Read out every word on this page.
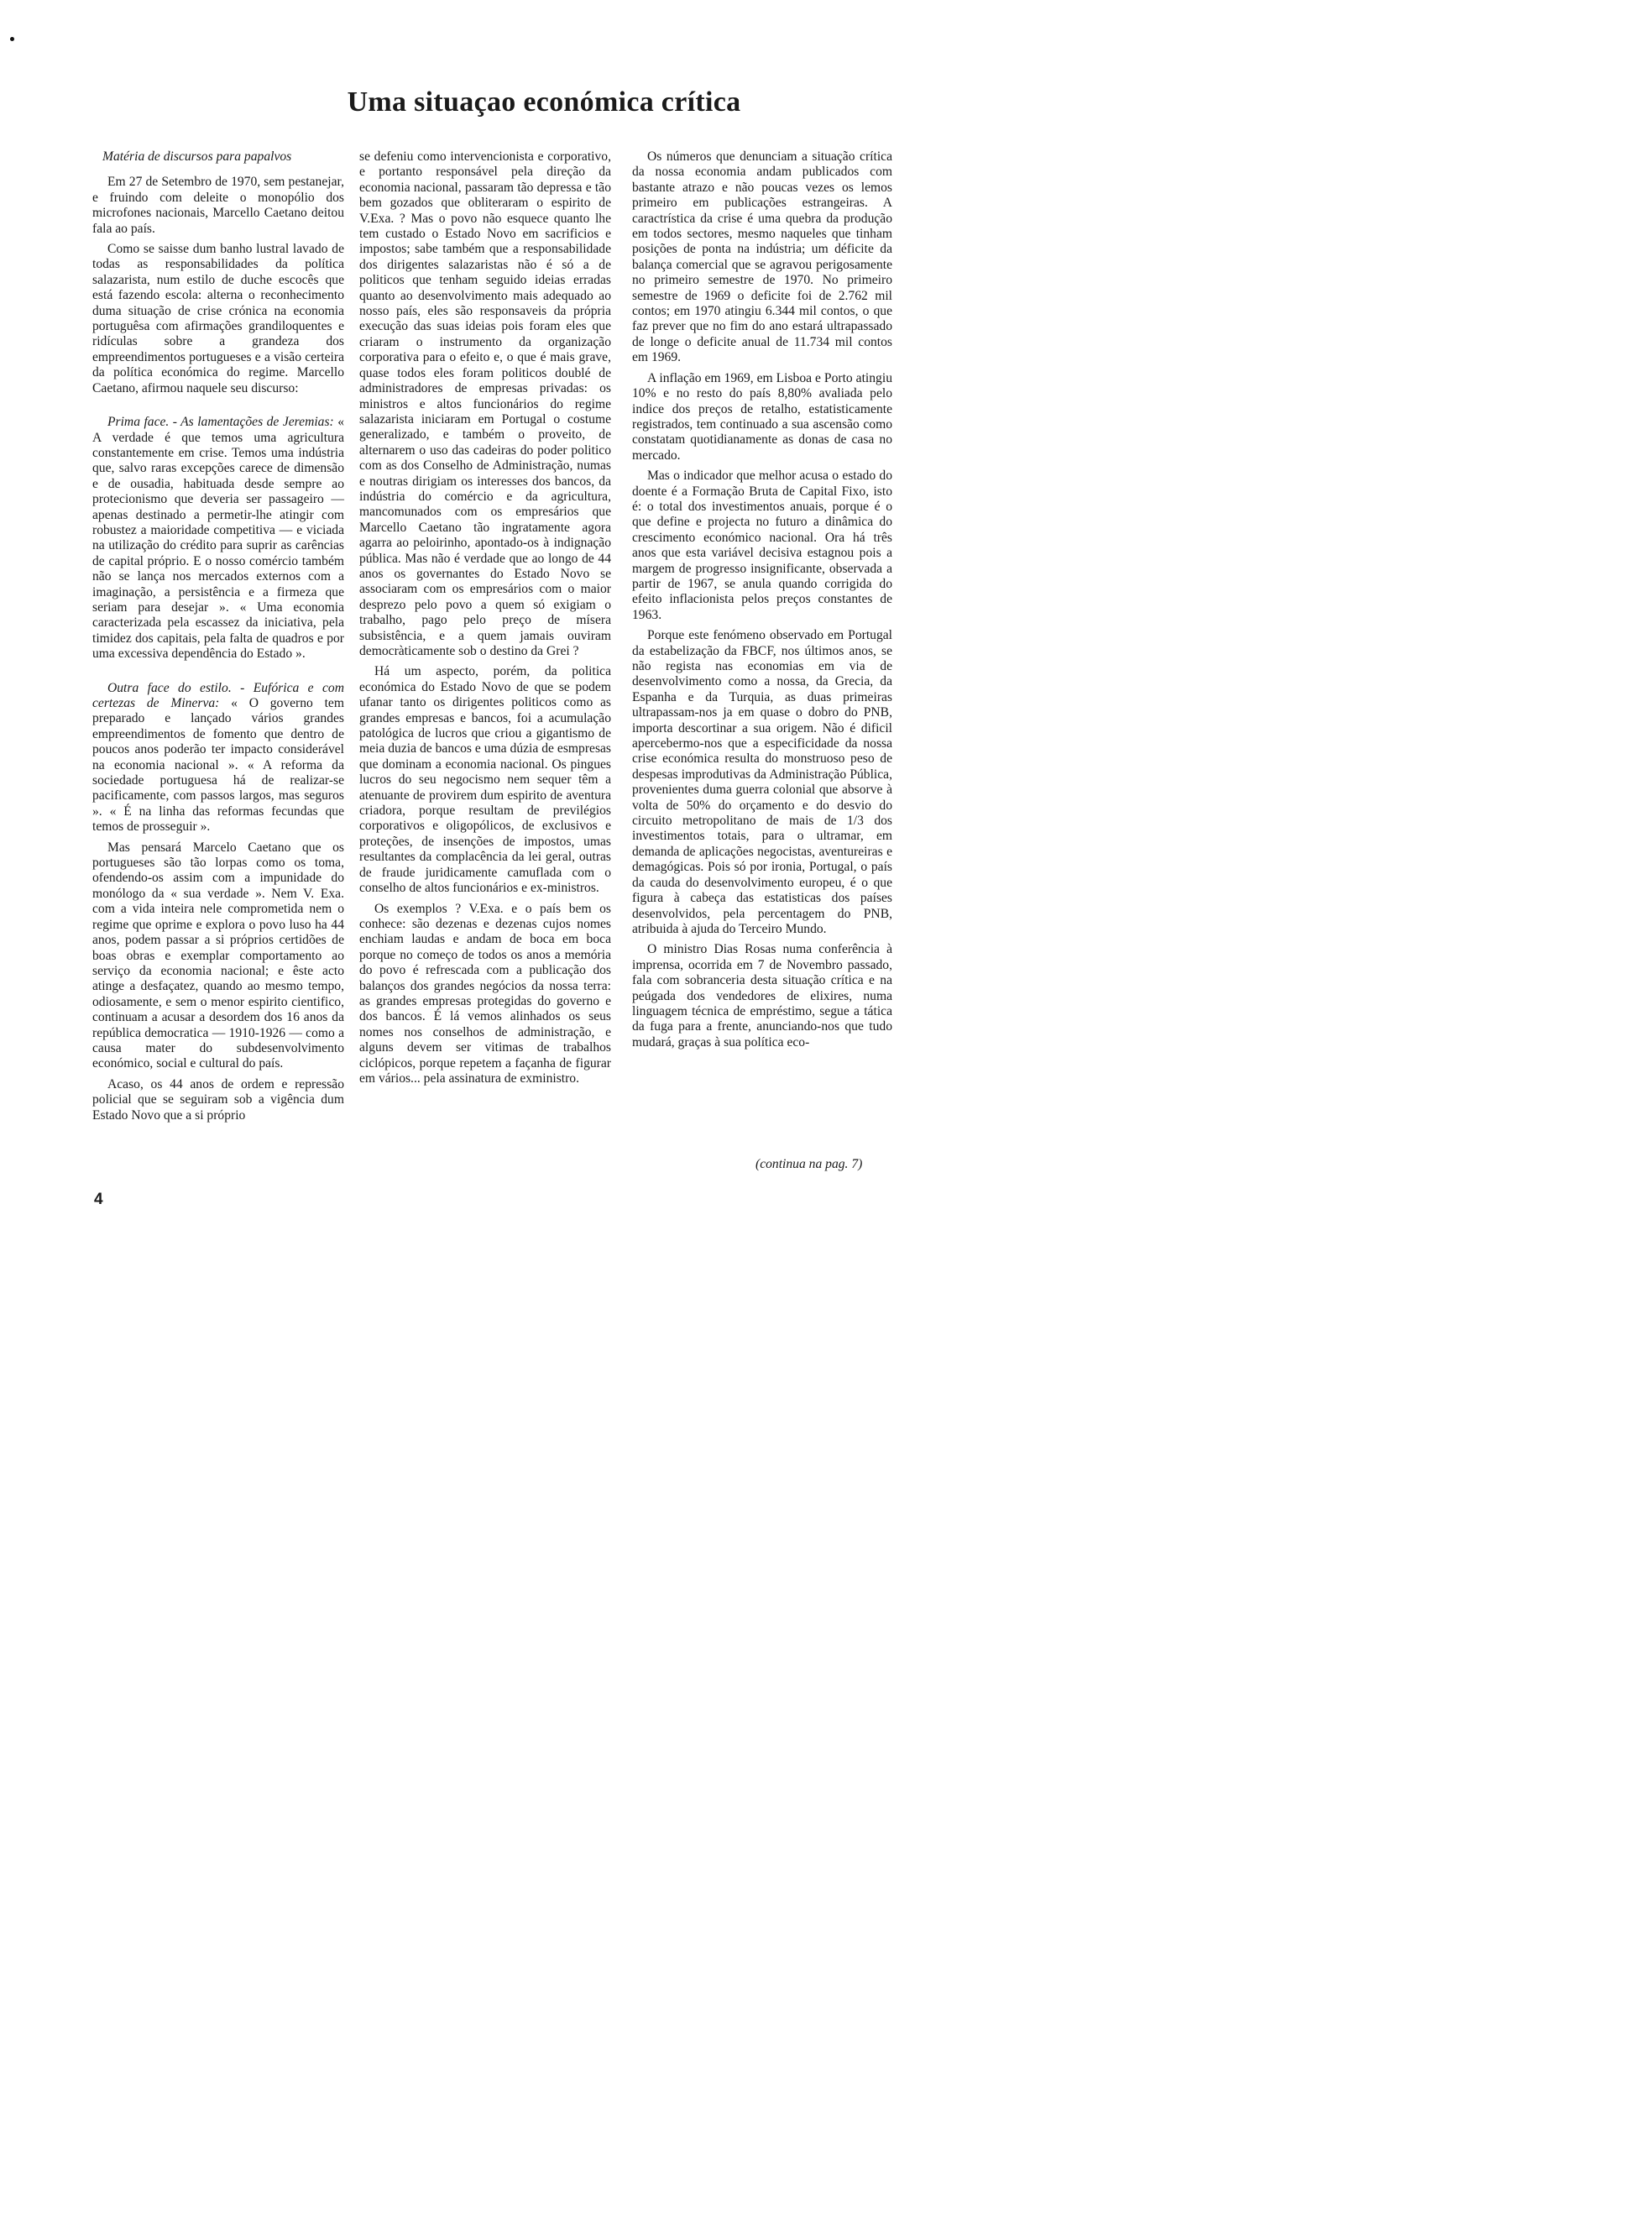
Uma situaçao económica crítica

Matéria de discursos para papalvos

Em 27 de Setembro de 1970, sem pestanejar, e fruindo com deleite o monopólio dos microfones nacionais, Marcello Caetano deitou fala ao país.

Como se saisse dum banho lustral lavado de todas as responsabilidades da política salazarista, num estilo de duche escocês que está fazendo escola: alterna o reconhecimento duma situação de crise crónica na economia portuguêsa com afirmações grandiloquentes e ridículas sobre a grandeza dos empreendimentos portugueses e a visão certeira da política económica do regime. Marcello Caetano, afirmou naquele seu discurso:

Prima face. - As lamentações de Jeremias: « A verdade é que temos uma agricultura constantemente em crise. Temos uma indústria que, salvo raras excepções carece de dimensão e de ousadia, habituada desde sempre ao protecionismo que deveria ser passageiro — apenas destinado a permetir-lhe atingir com robustez a maioridade competitiva — e viciada na utilização do crédito para suprir as carências de capital próprio. E o nosso comércio também não se lança nos mercados externos com a imaginação, a persistência e a firmeza que seriam para desejar ». « Uma economia caracterizada pela escassez da iniciativa, pela timidez dos capitais, pela falta de quadros e por uma excessiva dependência do Estado ».

Outra face do estilo. - Eufórica e com certezas de Minerva: « O governo tem preparado e lançado vários grandes empreendimentos de fomento que dentro de poucos anos poderão ter impacto considerável na economia nacional ». « A reforma da sociedade portuguesa há de realizar-se pacificamente, com passos largos, mas seguros ». « É na linha das reformas fecundas que temos de prosseguir ».

Mas pensará Marcelo Caetano que os portugueses são tão lorpas como os toma, ofendendo-os assim com a impunidade do monólogo da « sua verdade ». Nem V. Exa. com a vida inteira nele comprometida nem o regime que oprime e explora o povo luso ha 44 anos, podem passar a si próprios certidões de boas obras e exemplar comportamento ao serviço da economia nacional; e êste acto atinge a desfaçatez, quando ao mesmo tempo, odiosamente, e sem o menor espirito cientifico, continuam a acusar a desordem dos 16 anos da república democratica — 1910-1926 — como a causa mater do subdesenvolvimento económico, social e cultural do país.

Acaso, os 44 anos de ordem e repressão policial que se seguiram sob a vigência dum Estado Novo que a si próprio

se defeniu como intervencionista e corporativo, e portanto responsável pela direção da economia nacional, passaram tão depressa e tão bem gozados que obliteraram o espirito de V.Exa. ? Mas o povo não esquece quanto lhe tem custado o Estado Novo em sacrificios e impostos; sabe também que a responsabilidade dos dirigentes salazaristas não é só a de politicos que tenham seguido ideias erradas quanto ao desenvolvimento mais adequado ao nosso país, eles são responsaveis da própria execução das suas ideias pois foram eles que criaram o instrumento da organização corporativa para o efeito e, o que é mais grave, quase todos eles foram politicos doublé de administradores de empresas privadas: os ministros e altos funcionários do regime salazarista iniciaram em Portugal o costume generalizado, e também o proveito, de alternarem o uso das cadeiras do poder politico com as dos Conselho de Administração, numas e noutras dirigiam os interesses dos bancos, da indústria do comércio e da agricultura, mancomunados com os empresários que Marcello Caetano tão ingratamente agora agarra ao peloirinho, apontado-os à indignação pública. Mas não é verdade que ao longo de 44 anos os governantes do Estado Novo se associaram com os empresários com o maior desprezo pelo povo a quem só exigiam o trabalho, pago pelo preço de mísera subsistência, e a quem jamais ouviram democràticamente sob o destino da Grei ?

Há um aspecto, porém, da politica económica do Estado Novo de que se podem ufanar tanto os dirigentes politicos como as grandes empresas e bancos, foi a acumulação patológica de lucros que criou a gigantismo de meia duzia de bancos e uma dúzia de esmpresas que dominam a economia nacional. Os pingues lucros do seu negocismo nem sequer têm a atenuante de provirem dum espirito de aventura criadora, porque resultam de previlégios corporativos e oligopólicos, de exclusivos e proteções, de insenções de impostos, umas resultantes da complacência da lei geral, outras de fraude juridicamente camuflada com o conselho de altos funcionários e ex-ministros.

Os exemplos ? V.Exa. e o país bem os conhece: são dezenas e dezenas cujos nomes enchiam laudas e andam de boca em boca porque no começo de todos os anos a memória do povo é refrescada com a publicação dos balanços dos grandes negócios da nossa terra: as grandes empresas protegidas do governo e dos bancos. É lá vemos alinhados os seus nomes nos conselhos de administração, e alguns devem ser vitimas de trabalhos ciclópicos, porque repetem a façanha de figurar em vários... pela assinatura de exministro.

Os números que denunciam a situação crítica da nossa economia andam publicados com bastante atrazo e não poucas vezes os lemos primeiro em publicações estrangeiras. A caractrística da crise é uma quebra da produção em todos sectores, mesmo naqueles que tinham posições de ponta na indústria; um déficite da balança comercial que se agravou perigosamente no primeiro semestre de 1970. No primeiro semestre de 1969 o deficite foi de 2.762 mil contos; em 1970 atingiu 6.344 mil contos, o que faz prever que no fim do ano estará ultrapassado de longe o deficite anual de 11.734 mil contos em 1969.

A inflação em 1969, em Lisboa e Porto atingiu 10% e no resto do país 8,80% avaliada pelo indice dos preços de retalho, estatisticamente registrados, tem continuado a sua ascensão como constatam quotidianamente as donas de casa no mercado.

Mas o indicador que melhor acusa o estado do doente é a Formação Bruta de Capital Fixo, isto é: o total dos investimentos anuais, porque é o que define e projecta no futuro a dinâmica do crescimento económico nacional. Ora há três anos que esta variável decisiva estagnou pois a margem de progresso insignificante, observada a partir de 1967, se anula quando corrigida do efeito inflacionista pelos preços constantes de 1963.

Porque este fenómeno observado em Portugal da estabelização da FBCF, nos últimos anos, se não regista nas economias em via de desenvolvimento como a nossa, da Grecia, da Espanha e da Turquia, as duas primeiras ultrapassam-nos ja em quase o dobro do PNB, importa descortinar a sua origem. Não é dificil apercebermo-nos que a especificidade da nossa crise económica resulta do monstruoso peso de despesas improdutivas da Administração Pública, provenientes duma guerra colonial que absorve à volta de 50% do orçamento e do desvio do circuito metropolitano de mais de 1/3 dos investimentos totais, para o ultramar, em demanda de aplicações negocistas, aventureiras e demagógicas. Pois só por ironia, Portugal, o país da cauda do desenvolvimento europeu, é o que figura à cabeça das estatisticas dos países desenvolvidos, pela percentagem do PNB, atribuida à ajuda do Terceiro Mundo.

O ministro Dias Rosas numa conferência à imprensa, ocorrida em 7 de Novembro passado, fala com sobranceria desta situação crítica e na peúgada dos vendedores de elixires, numa linguagem técnica de empréstimo, segue a tática da fuga para a frente, anunciando-nos que tudo mudará, graças à sua política eco-

(continua na pag. 7)
4
